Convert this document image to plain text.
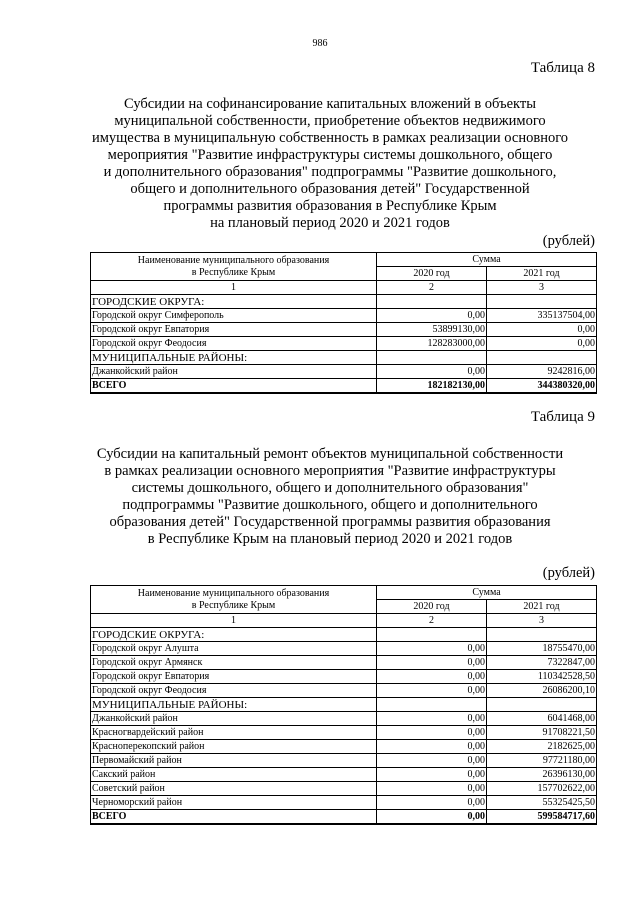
986
Таблица 8
Субсидии на софинансирование капитальных вложений в объекты
муниципальной собственности, приобретение объектов недвижимого
имущества в муниципальную собственность в рамках реализации основного
мероприятия "Развитие инфраструктуры системы дошкольного, общего
и дополнительного образования" подпрограммы "Развитие дошкольного,
общего и дополнительного образования детей" Государственной
программы развития образования в Республике Крым
на плановый период 2020 и 2021 годов
(рублей)
Наименование муниципального образования
в Республике Крым	Сумма	
	2020 год	2021 год
1	2	3
ГОРОДСКИЕ ОКРУГА:		
Городской округ Симферополь	0,00	335137504,00
Городской округ Евпатория	53899130,00	0,00
Городской округ Феодосия	128283000,00	0,00
МУНИЦИПАЛЬНЫЕ РАЙОНЫ:		
Джанкойский район	0,00	9242816,00
ВСЕГО	182182130,00	344380320,00
Таблица 9
Субсидии на капитальный ремонт объектов муниципальной собственности
в рамках реализации основного мероприятия "Развитие инфраструктуры
системы дошкольного, общего и дополнительного образования"
подпрограммы "Развитие дошкольного, общего и дополнительного
образования детей" Государственной программы развития образования
в Республике Крым на плановый период 2020 и 2021 годов
(рублей)
Наименование муниципального образования
в Республике Крым	Сумма	
	2020 год	2021 год
1	2	3
ГОРОДСКИЕ ОКРУГА:		
Городской округ Алушта	0,00	18755470,00
Городской округ Армянск	0,00	7322847,00
Городской округ Евпатория	0,00	110342528,50
Городской округ Феодосия	0,00	26086200,10
МУНИЦИПАЛЬНЫЕ РАЙОНЫ:		
Джанкойский район	0,00	6041468,00
Красногвардейский район	0,00	91708221,50
Красноперекопский район	0,00	2182625,00
Первомайский район	0,00	97721180,00
Сакский район	0,00	26396130,00
Советский район	0,00	157702622,00
Черноморский район	0,00	55325425,50
ВСЕГО	0,00	599584717,60
